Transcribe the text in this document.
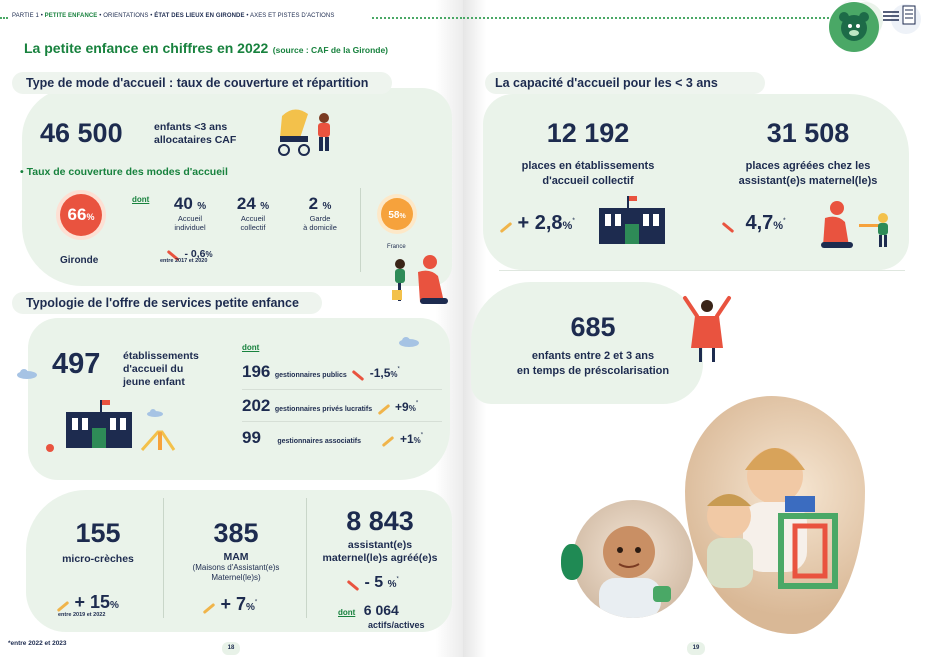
PARTIE 1 • PETITE ENFANCE • ORIENTATIONS • ÉTAT DES LIEUX EN GIRONDE • AXES ET PISTES D'ACTIONS
La petite enfance en chiffres en 2022 (source : CAF de la Gironde)
Type de mode d'accueil : taux de couverture et répartition
46 500	enfants <3 ans
allocataires CAF
• Taux de couverture des modes d'accueil
66%
Gironde
dont	40 %
Accueil
individuel
24 %
Accueil
collectif
2 %
Garde
à domicile
- 0,6%
entre 2017 et 2020
58%
France
Typologie de l'offre de services petite enfance
497 établissements
d'accueil du
jeune enfant
dont
196 gestionnaires publics -1,5%*
202 gestionnaires privés lucratifs +9%*
99 gestionnaires associatifs	+1%*
155
micro-crèches
+ 15%
entre 2019 et 2022
385
MAM
(Maisons d'Assistant(e)s
Maternel(le)s)
+ 7%*
8 843
assistant(e)s
maternel(le)s agréé(e)s
- 5 %*
dont 6 064
actifs/actives
*entre 2022 et 2023
18
La capacité d'accueil pour les < 3 ans
12 192
places en établissements
d'accueil collectif
+ 2,8%*
31 508
places agréées chez les
assistant(e)s maternel(le)s
4,7%*
685
enfants entre 2 et 3 ans
en temps de préscolarisation
19
